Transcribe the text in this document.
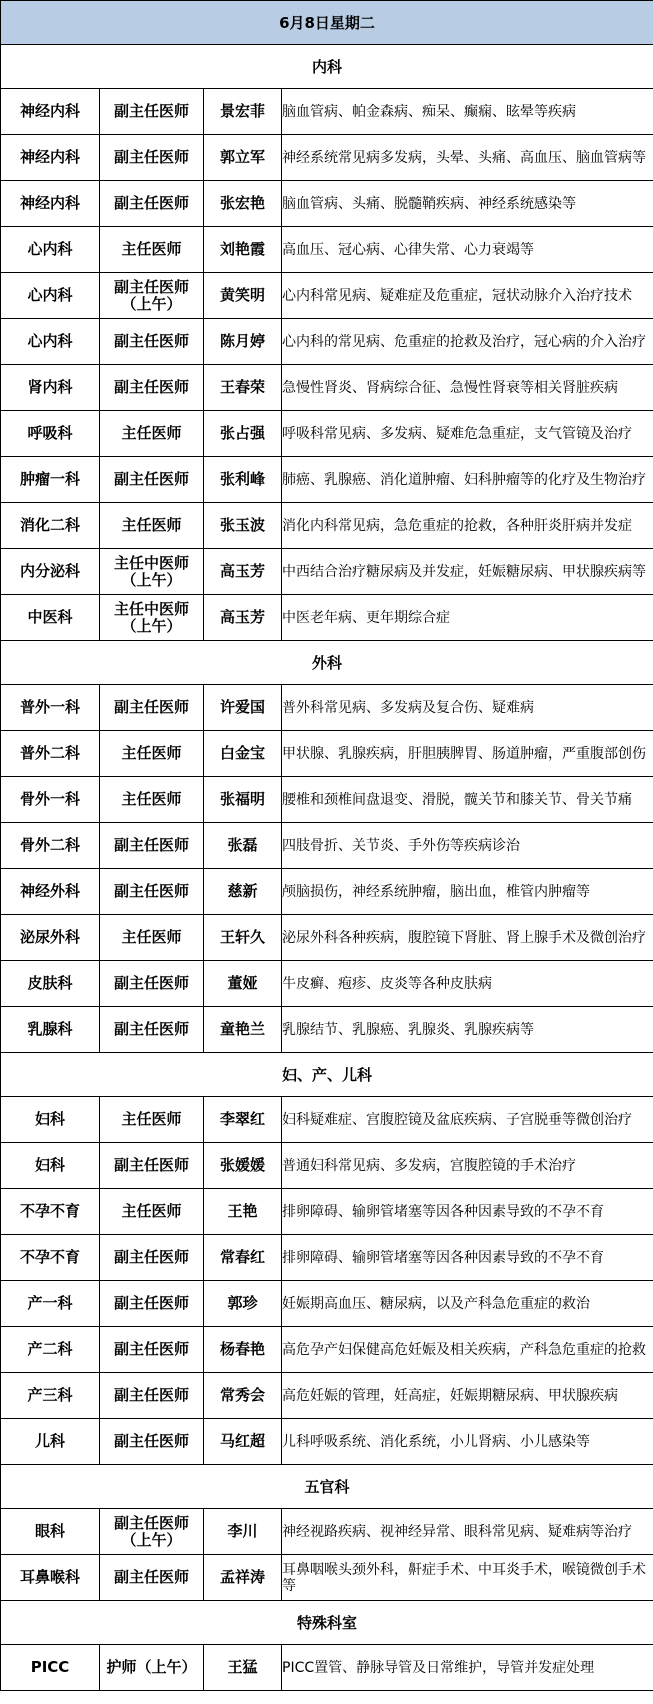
6月8日星期二			
内科			
神经内科	副主任医师	景宏菲	脑血管病、帕金森病、痴呆、癫痫、眩晕等疾病
神经内科	副主任医师	郭立军	神经系统常见病多发病，头晕、头痛、高血压、脑血管病等
神经内科	副主任医师	张宏艳	脑血管病、头痛、脱髓鞘疾病、神经系统感染等
心内科	主任医师	刘艳霞	高血压、冠心病、心律失常、心力衰竭等
心内科	副主任医师（上午）	黄笑明	心内科常见病、疑难症及危重症，冠状动脉介入治疗技术
心内科	副主任医师	陈月婷	心内科的常见病、危重症的抢救及治疗，冠心病的介入治疗
肾内科	副主任医师	王春荣	急慢性肾炎、肾病综合征、急慢性肾衰等相关肾脏疾病
呼吸科	主任医师	张占强	呼吸科常见病、多发病、疑难危急重症，支气管镜及治疗
肿瘤一科	副主任医师	张利峰	肺癌、乳腺癌、消化道肿瘤、妇科肿瘤等的化疗及生物治疗
消化二科	主任医师	张玉波	消化内科常见病，急危重症的抢救，各种肝炎肝病并发症
内分泌科	主任中医师（上午）	高玉芳	中西结合治疗糖尿病及并发症，妊娠糖尿病、甲状腺疾病等
中医科	主任中医师（上午）	高玉芳	中医老年病、更年期综合症
外科			
普外一科	副主任医师	许爱国	普外科常见病、多发病及复合伤、疑难病
普外二科	主任医师	白金宝	甲状腺、乳腺疾病，肝胆胰脾胃、肠道肿瘤，严重腹部创伤
骨外一科	主任医师	张福明	腰椎和颈椎间盘退变、滑脱，髋关节和膝关节、骨关节痛
骨外二科	副主任医师	张磊	四肢骨折、关节炎、手外伤等疾病诊治
神经外科	副主任医师	慈新	颅脑损伤，神经系统肿瘤，脑出血，椎管内肿瘤等
泌尿外科	主任医师	王轩久	泌尿外科各种疾病，腹腔镜下肾脏、肾上腺手术及微创治疗
皮肤科	副主任医师	董娅	牛皮癣、疱疹、皮炎等各种皮肤病
乳腺科	副主任医师	童艳兰	乳腺结节、乳腺癌、乳腺炎、乳腺疾病等
妇、产、儿科			
妇科	主任医师	李翠红	妇科疑难症、宫腹腔镜及盆底疾病、子宫脱垂等微创治疗
妇科	副主任医师	张媛媛	普通妇科常见病、多发病，宫腹腔镜的手术治疗
不孕不育	主任医师	王艳	排卵障碍、输卵管堵塞等因各种因素导致的不孕不育
不孕不育	副主任医师	常春红	排卵障碍、输卵管堵塞等因各种因素导致的不孕不育
产一科	副主任医师	郭珍	妊娠期高血压、糖尿病，以及产科急危重症的救治
产二科	副主任医师	杨春艳	高危孕产妇保健高危妊娠及相关疾病，产科急危重症的抢救
产三科	副主任医师	常秀会	高危妊娠的管理，妊高症，妊娠期糖尿病、甲状腺疾病
儿科	副主任医师	马红超	儿科呼吸系统、消化系统，小儿肾病、小儿感染等
五官科			
眼科	副主任医师（上午）	李川	神经视路疾病、视神经异常、眼科常见病、疑难病等治疗
耳鼻喉科	副主任医师	孟祥涛	耳鼻咽喉头颈外科，鼾症手术、中耳炎手术，喉镜微创手术等
特殊科室			
PICC	护师（上午）	王猛	PICC置管、静脉导管及日常维护，导管并发症处理
